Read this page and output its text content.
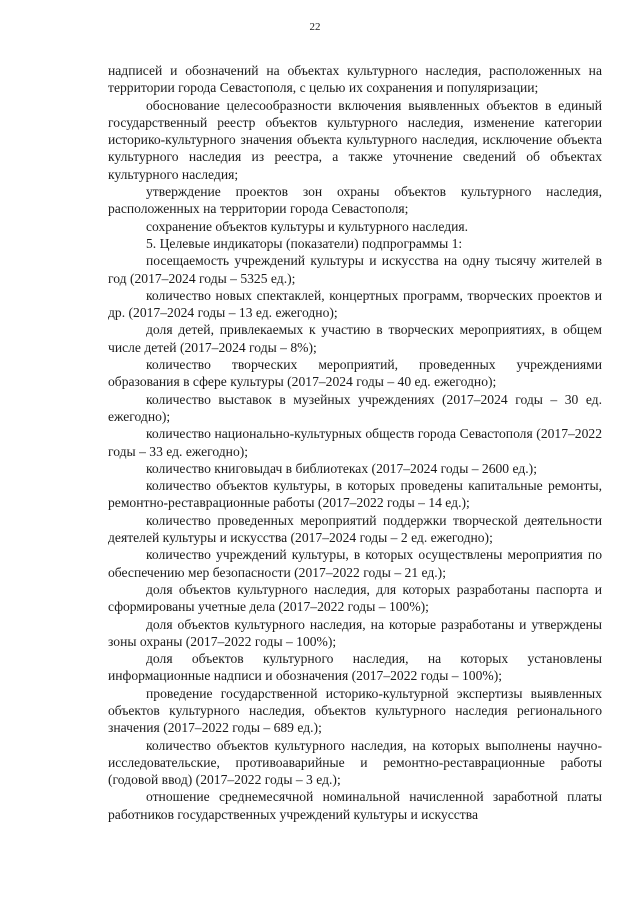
22

надписей и обозначений на объектах культурного наследия, расположенных на территории города Севастополя, с целью их сохранения и популяризации;

обоснование целесообразности включения выявленных объектов в единый государственный реестр объектов культурного наследия, изменение категории историко-культурного значения объекта культурного наследия, исключение объекта культурного наследия из реестра, а также уточнение сведений об объектах культурного наследия;

утверждение проектов зон охраны объектов культурного наследия, расположенных на территории города Севастополя;

сохранение объектов культуры и культурного наследия.

5. Целевые индикаторы (показатели) подпрограммы 1:

посещаемость учреждений культуры и искусства на одну тысячу жителей в год (2017–2024 годы – 5325 ед.);

количество новых спектаклей, концертных программ, творческих проектов и др. (2017–2024 годы – 13 ед. ежегодно);

доля детей, привлекаемых к участию в творческих мероприятиях, в общем числе детей (2017–2024 годы – 8%);

количество творческих мероприятий, проведенных учреждениями образования в сфере культуры (2017–2024 годы – 40 ед. ежегодно);

количество выставок в музейных учреждениях (2017–2024 годы – 30 ед. ежегодно);

количество национально-культурных обществ города Севастополя (2017–2022 годы – 33 ед. ежегодно);

количество книговыдач в библиотеках (2017–2024 годы – 2600 ед.);

количество объектов культуры, в которых проведены капитальные ремонты, ремонтно-реставрационные работы (2017–2022 годы – 14 ед.);

количество проведенных мероприятий поддержки творческой деятельности деятелей культуры и искусства (2017–2024 годы – 2 ед. ежегодно);

количество учреждений культуры, в которых осуществлены мероприятия по обеспечению мер безопасности (2017–2022 годы – 21 ед.);

доля объектов культурного наследия, для которых разработаны паспорта и сформированы учетные дела (2017–2022 годы – 100%);

доля объектов культурного наследия, на которые разработаны и утверждены зоны охраны (2017–2022 годы – 100%);

доля объектов культурного наследия, на которых установлены информационные надписи и обозначения (2017–2022 годы – 100%);

проведение государственной историко-культурной экспертизы выявленных объектов культурного наследия, объектов культурного наследия регионального значения (2017–2022 годы – 689 ед.);

количество объектов культурного наследия, на которых выполнены научно-исследовательские, противоаварийные и ремонтно-реставрационные работы (годовой ввод) (2017–2022 годы – 3 ед.);

отношение среднемесячной номинальной начисленной заработной платы работников государственных учреждений культуры и искусства
